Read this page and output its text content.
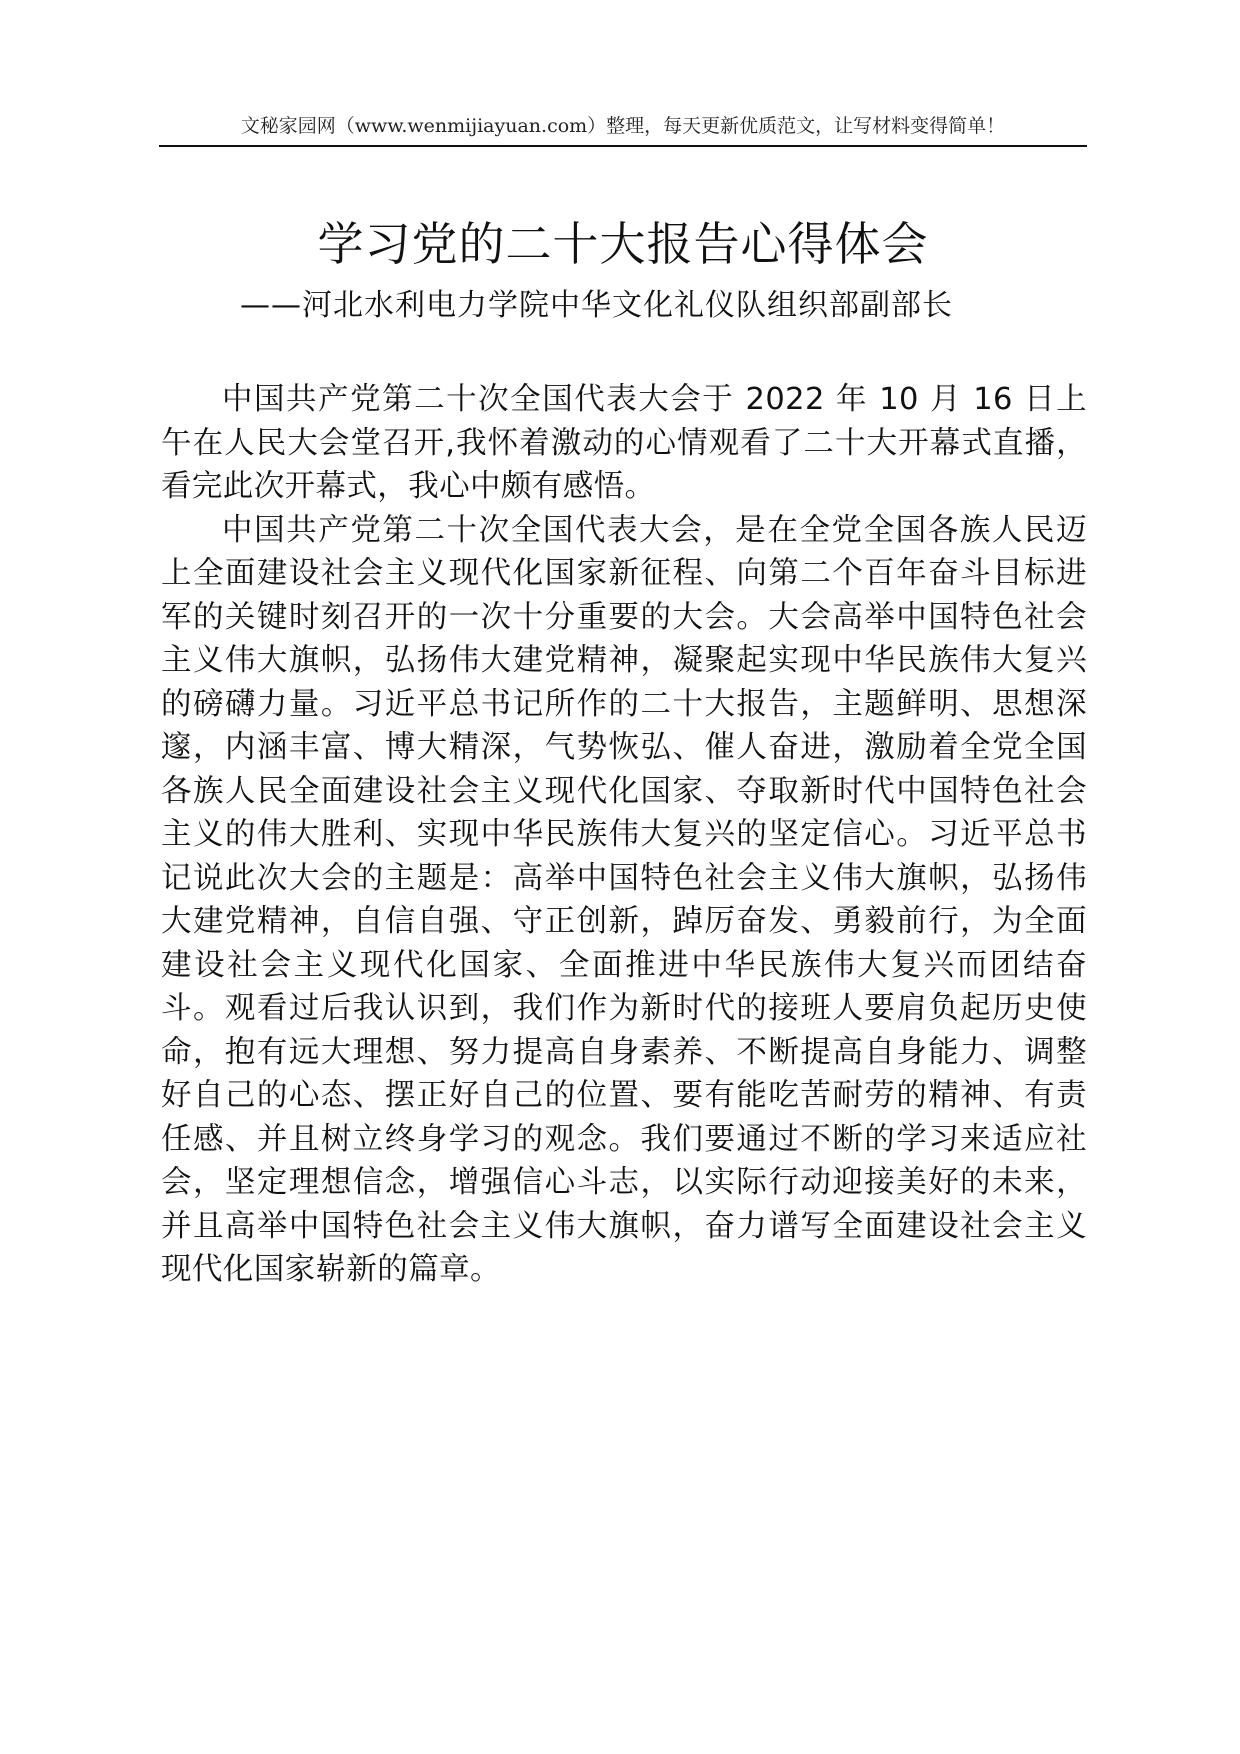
文秘家园网（www.wenmijiayuan.com）整理，每天更新优质范文，让写材料变得简单！
学习党的二十大报告心得体会
——河北水利电力学院中华文化礼仪队组织部副部长

中国共产党第二十次全国代表大会于 2022 年 10 月 16 日上午在人民大会堂召开,我怀着激动的心情观看了二十大开幕式直播，看完此次开幕式，我心中颇有感悟。

中国共产党第二十次全国代表大会，是在全党全国各族人民迈上全面建设社会主义现代化国家新征程、向第二个百年奋斗目标进军的关键时刻召开的一次十分重要的大会。大会高举中国特色社会主义伟大旗帜，弘扬伟大建党精神，凝聚起实现中华民族伟大复兴的磅礴力量。习近平总书记所作的二十大报告，主题鲜明、思想深邃，内涵丰富、博大精深，气势恢弘、催人奋进，激励着全党全国各族人民全面建设社会主义现代化国家、夺取新时代中国特色社会主义的伟大胜利、实现中华民族伟大复兴的坚定信心。习近平总书记说此次大会的主题是：高举中国特色社会主义伟大旗帜，弘扬伟大建党精神，自信自强、守正创新，踔厉奋发、勇毅前行，为全面建设社会主义现代化国家、全面推进中华民族伟大复兴而团结奋斗。观看过后我认识到，我们作为新时代的接班人要肩负起历史使命，抱有远大理想、努力提高自身素养、不断提高自身能力、调整好自己的心态、摆正好自己的位置、要有能吃苦耐劳的精神、有责任感、并且树立终身学习的观念。我们要通过不断的学习来适应社会，坚定理想信念，增强信心斗志，以实际行动迎接美好的未来，并且高举中国特色社会主义伟大旗帜，奋力谱写全面建设社会主义现代化国家崭新的篇章。
